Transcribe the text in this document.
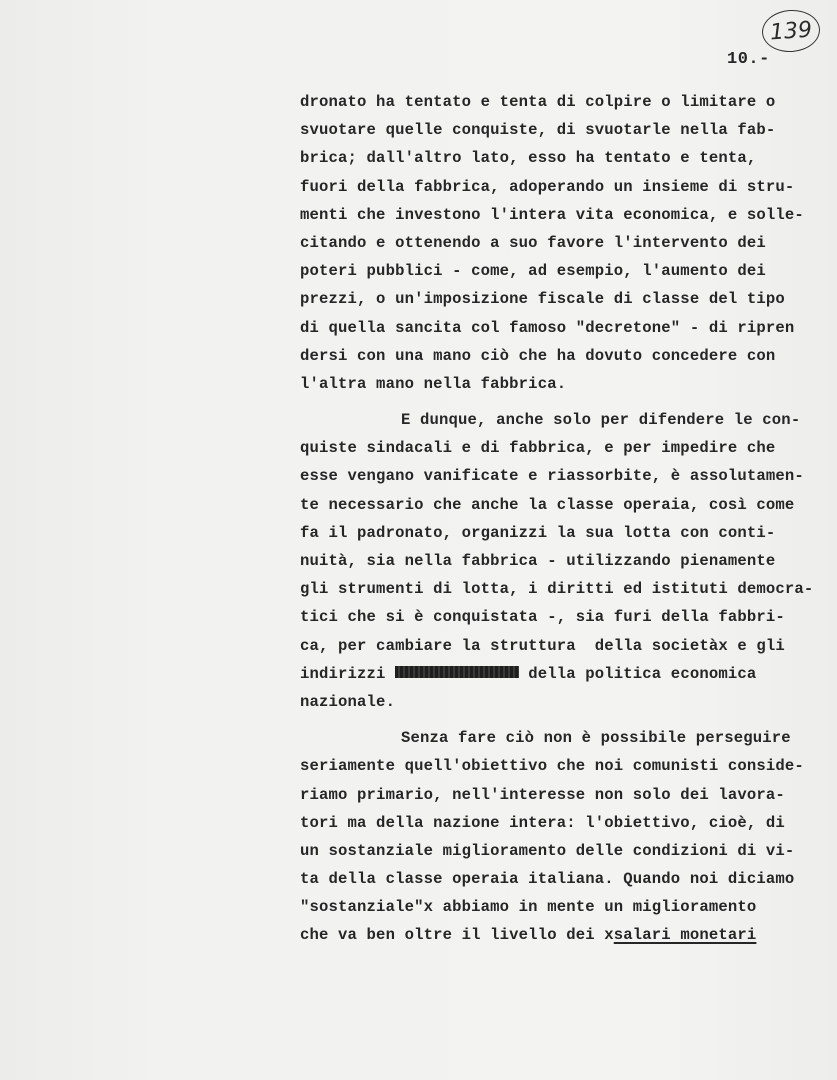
139
10.-
dronato ha tentato e tenta di colpire o limitare o
svuotare quelle conquiste, di svuotarle nella fab-
brica; dall'altro lato, esso ha tentato e tenta,
fuori della fabbrica, adoperando un insieme di stru-
menti che investono l'intera vita economica, e solle-
citando e ottenendo a suo favore l'intervento dei
poteri pubblici - come, ad esempio, l'aumento dei
prezzi, o un'imposizione fiscale di classe del tipo
di quella sancita col famoso "decretone" - di ripren
dersi con una mano ciò che ha dovuto concedere con
l'altra mano nella fabbrica.
E dunque, anche solo per difendere le con-
quiste sindacali e di fabbrica, e per impedire che
esse vengano vanificate e riassorbite, è assolutamen-
te necessario che anche la classe operaia, così come
fa il padronato, organizzi la sua lotta con conti-
nuità, sia nella fabbrica - utilizzando pienamente
gli strumenti di lotta, i diritti ed istituti democra-
tici che si è conquistata -, sia furi della fabbri-
ca, per cambiare la struttura  della societàx e gli
indirizzi	della politica economica
nazionale.
Senza fare ciò non è possibile perseguire
seriamente quell'obiettivo che noi comunisti conside-
riamo primario, nell'interesse non solo dei lavora-
tori ma della nazione intera: l'obiettivo, cioè, di
un sostanziale miglioramento delle condizioni di vi-
ta della classe operaia italiana. Quando noi diciamo
"sostanziale"x abbiamo in mente un miglioramento
che va ben oltre il livello dei xsalari monetari
